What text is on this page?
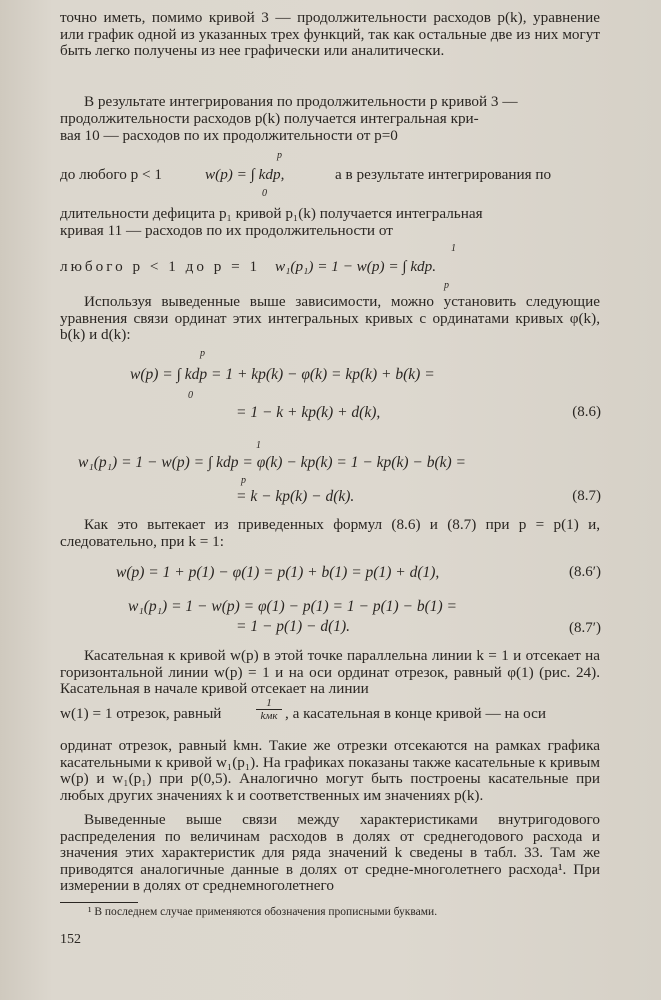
точно иметь, помимо кривой 3 — продолжительности расходов p(k), уравнение или график одной из указанных трех функций, так как остальные две из них могут быть легко получены из нее графически или аналитически.
В результате интегрирования по продолжительности p кривой 3 —
продолжительности расходов p(k) получается интегральная кри-
вая 10 — расходов по их продолжительности от p=0
p
до любого p < 1	w(p) = ∫ kdp,	а в результате интегрирования по
0
длительности дефицита p₁ кривой p₁(k) получается интегральная
кривая 11 — расходов по их продолжительности от
1
любого p < 1 до p = 1 w₁(p₁) = 1 − w(p) = ∫ kdp.
p
Используя выведенные выше зависимости, можно установить следующие уравнения связи ординат этих интегральных кривых с ординатами кривых φ(k), b(k) и d(k):
p
w(p) = ∫ kdp = 1 + kp(k) − φ(k) = kp(k) + b(k) =
0
= 1 − k + kp(k) + d(k),	(8.6)
1
w₁(p₁) = 1 − w(p) = ∫ kdp = φ(k) − kp(k) = 1 − kp(k) − b(k) =
p
= k − kp(k) − d(k).	(8.7)
Как это вытекает из приведенных формул (8.6) и (8.7) при p = p(1) и, следовательно, при k = 1:
w(p) = 1 + p(1) − φ(1) = p(1) + b(1) = p(1) + d(1),	(8.6′)
w₁(p₁) = 1 − w(p) = φ(1) − p(1) = 1 − p(1) − b(1) =
= 1 − p(1) − d(1).	(8.7′)
Касательная к кривой w(p) в этой точке параллельна линии k = 1 и отсекает на горизонтальной линии w(p) = 1 и на оси ординат отрезок, равный φ(1) (рис. 24). Касательная в начале кривой отсекает на линии
w(1) = 1 отрезок, равный
1
kмк , а касательная в конце кривой — на оси
ординат отрезок, равный kмн. Такие же отрезки отсекаются на рамках графика касательными к кривой w₁(p₁). На графиках показаны также касательные к кривым w(p) и w₁(p₁) при p(0,5). Аналогично могут быть построены касательные при любых других значениях k и соответственных им значениях p(k).
Выведенные выше связи между характеристиками внутригодового распределения по величинам расходов в долях от среднегодового расхода и значения этих характеристик для ряда значений k сведены в табл. 33. Там же приводятся аналогичные данные в долях от средне-многолетнего расхода¹. При измерении в долях от среднемноголетнего
¹ В последнем случае применяются обозначения прописными буквами.
152
